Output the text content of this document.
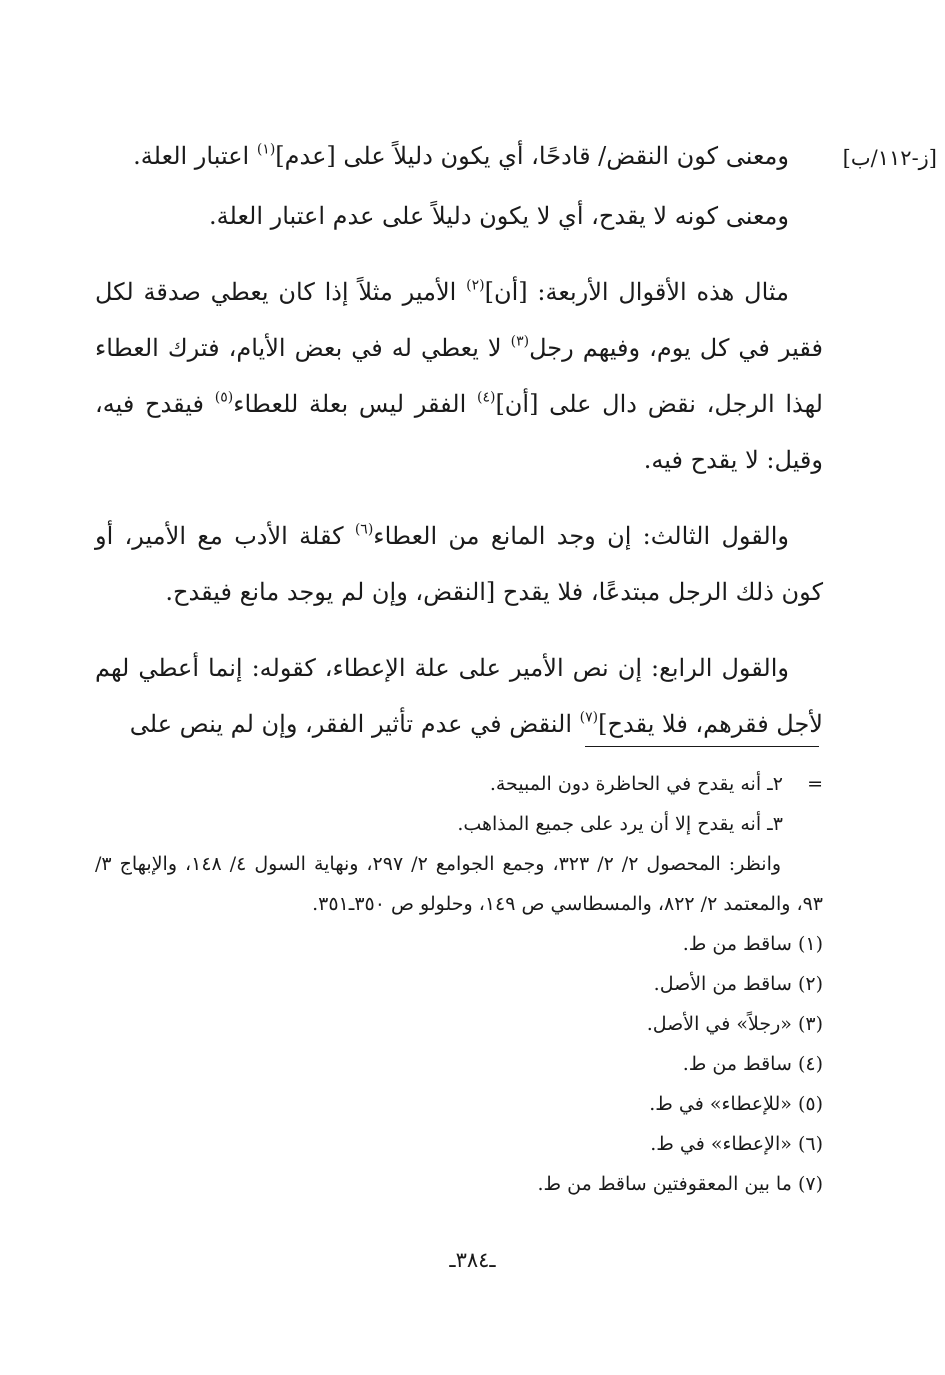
[ز-١١٢/ب]

ومعنى كون النقض/ قادحًا، أي يكون دليلاً على [عدم]$^{(١)}$ اعتبار العلة.

ومعنى كونه لا يقدح، أي لا يكون دليلاً على عدم اعتبار العلة.

مثال هذه الأقوال الأربعة: [أن]$^{(٢)}$ الأمير مثلاً إذا كان يعطي صدقة لكل فقير في كل يوم، وفيهم رجل$^{(٣)}$ لا يعطي له في بعض الأيام، فترك العطاء لهذا الرجل، نقض دال على [أن]$^{(٤)}$ الفقر ليس بعلة للعطاء$^{(٥)}$ فيقدح فيه، وقيل: لا يقدح فيه.

والقول الثالث: إن وجد المانع من العطاء$^{(٦)}$ كقلة الأدب مع الأمير، أو كون ذلك الرجل مبتدعًا، فلا يقدح [النقض، وإن لم يوجد مانع فيقدح.

والقول الرابع: إن نص الأمير على علة الإعطاء، كقوله: إنما أعطي لهم لأجل فقرهم، فلا يقدح]$^{(٧)}$ النقض في عدم تأثير الفقر، وإن لم ينص على

= ٢ـ أنه يقدح في الحاظرة دون المبيحة.
٣ـ أنه يقدح إلا أن يرد على جميع المذاهب.
وانظر: المحصول ٢/ ٢/ ٣٢٣، وجمع الجوامع ٢/ ٢٩٧، ونهاية السول ٤/ ١٤٨، والإبهاج ٣/ ٩٣، والمعتمد ٢/ ٨٢٢، والمسطاسي ص ١٤٩، وحلولو ص ٣٥٠ـ٣٥١.
(١) ساقط من ط.
(٢) ساقط من الأصل.
(٣) «رجلاً» في الأصل.
(٤) ساقط من ط.
(٥) «للإعطاء» في ط.
(٦) «الإعطاء» في ط.
(٧) ما بين المعقوفتين ساقط من ط.
ـ٣٨٤ـ
